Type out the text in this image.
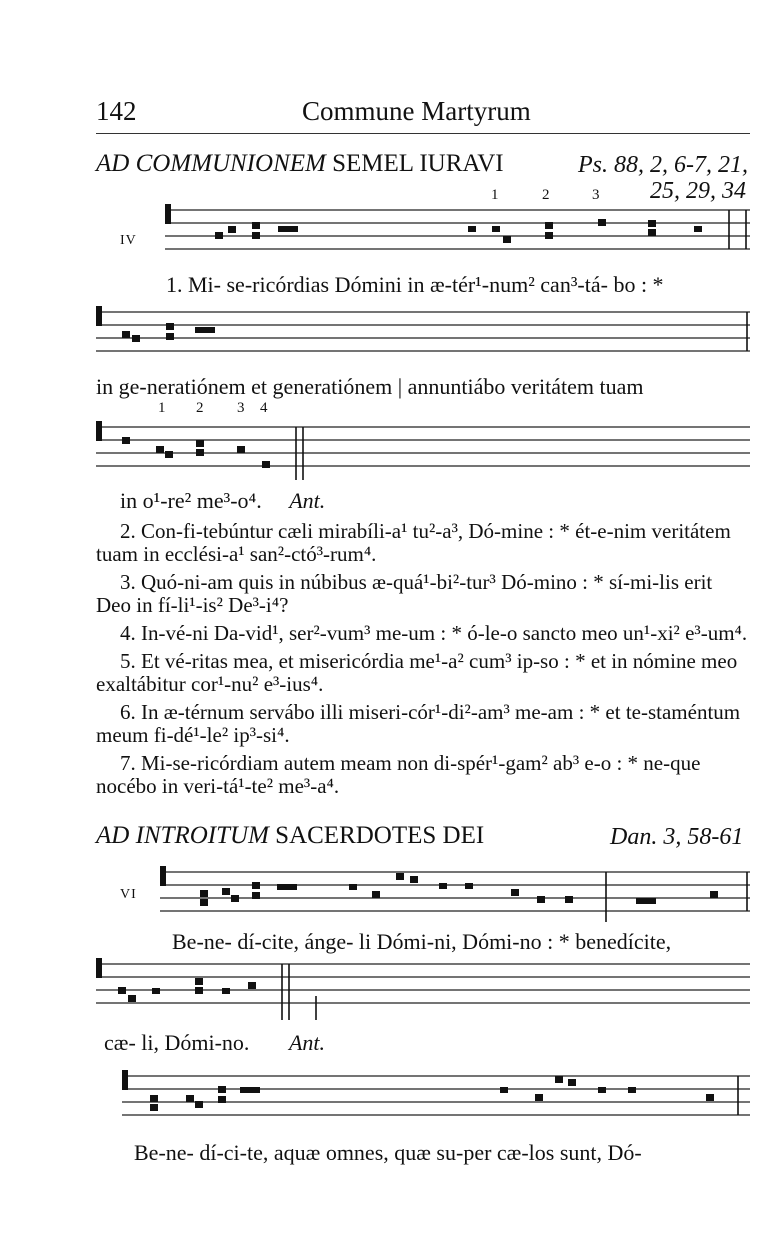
142	Commune Martyrum
AD COMMUNIONEM SEMEL IURAVI	Ps. 88, 2, 6-7, 21,
25, 29, 34
1	2	3
IV
1. Mi- se-ricórdias Dómini in æ-tér¹-num² can³-tá- bo : *
in ge-neratiónem et generatiónem | annuntiábo veritátem tuam
1 2 3 4
in o¹-re² me³-o⁴. Ant.
2. Con-fi-tebúntur cæli mirabíli-a¹ tu²-a³, Dó-mine : * ét-e-nim veritátem tuam in ecclési-a¹ san²-ctó³-rum⁴.
3. Quó-ni-am quis in núbibus æ-quá¹-bi²-tur³ Dó-mino : * sí-mi-lis erit Deo in fí-li¹-is² De³-i⁴?
4. In-vé-ni Da-vid¹, ser²-vum³ me-um : * ó-le-o sancto meo un¹-xi² e³-um⁴.
5. Et vé-ritas mea, et misericórdia me¹-a² cum³ ip-so : * et in nómine meo exaltábitur cor¹-nu² e³-ius⁴.
6. In æ-térnum servábo illi miseri-cór¹-di²-am³ me-am : * et te-staméntum meum fi-dé¹-le² ip³-si⁴.
7. Mi-se-ricórdiam autem meam non di-spér¹-gam² ab³ e-o : * ne-que nocébo in veri-tá¹-te² me³-a⁴.
AD INTROITUM SACERDOTES DEI	Dan. 3, 58-61
VI
Be-ne- dí-cite, ánge- li Dómi-ni, Dómi-no : * benedícite,
cæ- li, Dómi-no. Ant.
Be-ne- dí-ci-te, aquæ omnes, quæ su-per cæ-los sunt, Dó-
